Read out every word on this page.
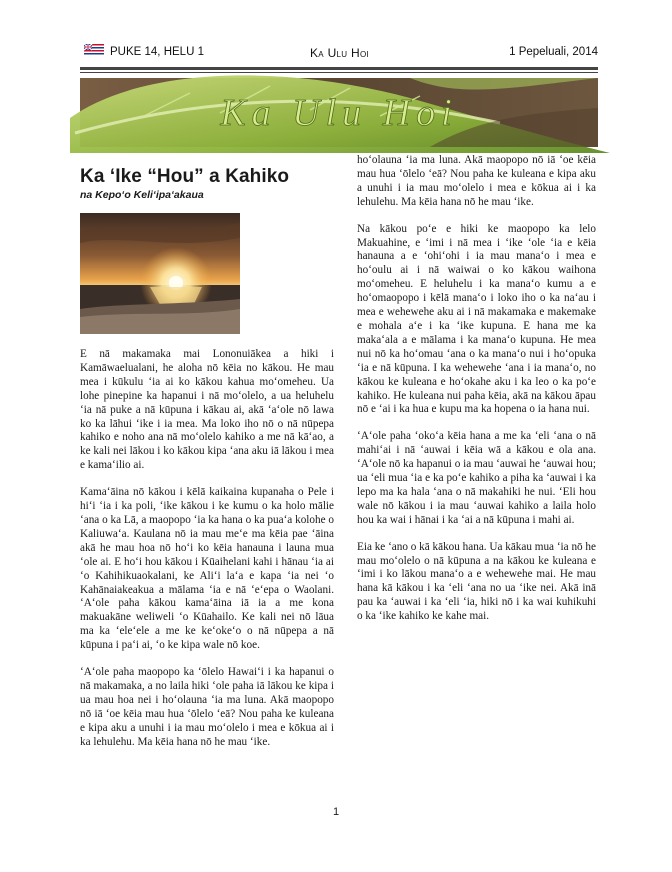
PUKE 14, HELU 1	Ka Ulu Hoi	1 Pepeluali, 2014
Ka Ulu Hoi
Ka ‘Ike “Hou” a Kahiko
na Kepo‘o Keli‘ipa‘akaua

E nā makamaka mai Lononuiākea a hiki i Kamāwaelualani, he aloha nō kēia no kākou. He mau mea i kūkulu ‘ia ai ko kākou kahua mo‘omeheu. Ua lohe pinepine ka hapanui i nā mo‘olelo, a ua heluhelu ‘ia nā puke a nā kūpuna i kākau ai, akā ‘a‘ole nō lawa ko ka lāhui ‘ike i ia mea. Ma loko iho nō o nā nūpepa kahiko e noho ana nā mo‘olelo kahiko a me nā kā‘ao, a ke kali nei lākou i ko kākou kipa ‘ana aku iā lākou i mea e kama‘ilio ai.

Kama‘āina nō kākou i kēlā kaikaina kupanaha o Pele i hi‘i ‘ia i ka poli, ‘ike kākou i ke kumu o ka holo mālie ‘ana o ka Lā, a maopopo ‘ia ka hana o ka pua‘a kolohe o Kaliuwa‘a. Kaulana nō ia mau me‘e ma kēia pae ‘āina akā he mau hoa nō ho‘i ko kēia hanauna i launa mua ‘ole ai. E ho‘i hou kākou i Kūaihelani kahi i hānau ‘ia ai ‘o Kahihikuaokalani, ke Ali‘i la‘a e kapa ‘ia nei ‘o Kahānaiakeakua a mālama ‘ia e nā ‘e‘epa o Waolani. ‘A‘ole paha kākou kama‘āina iā ia a me kona makuakāne weliweli ‘o Kūahailo. Ke kali nei nō lāua ma ka ‘ele‘ele a me ke ke‘oke‘o o nā nūpepa a nā kūpuna i pa‘i ai, ‘o ke kipa wale nō koe.

‘A‘ole paha maopopo ka ‘ōlelo Hawai‘i i ka hapanui o nā makamaka, a no laila hiki ‘ole paha iā lākou ke kipa i ua mau hoa nei i ho‘olauna ‘ia ma luna. Akā maopopo nō iā ‘oe kēia mau hua ‘ōlelo ‘eā? Nou paha ke kuleana e kipa aku a unuhi i ia mau mo‘olelo i mea e kōkua ai i ka lehulehu. Ma kēia hana nō he mau ‘ike.

hoʻolauna ʻia ma luna. Akā maopopo nō iā ʻoe kēia mau hua ʻōlelo ʻeā? Nou paha ke kuleana e kipa aku a unuhi i ia mau moʻolelo i mea e kōkua ai i ka lehulehu. Ma kēia hana nō he mau ʻike.

Na kākou po‘e e hiki ke maopopo ka lelo Makuahine, e ‘imi i nā mea i ‘ike ‘ole ‘ia e kēia hanauna a e ‘ohi‘ohi i ia mau mana‘o i mea e ho‘oulu ai i nā waiwai o ko kākou waihona mo‘omeheu. E heluhelu i ka mana‘o kumu a e ho‘omaopopo i kēlā mana‘o i loko iho o ka na‘au i mea e wehewehe aku ai i nā makamaka e makemake e mohala a‘e i ka ‘ike kupuna. E hana me ka maka‘ala a e mālama i ka mana‘o kupuna. He mea nui nō ka ho‘omau ‘ana o ka mana‘o nui i ho‘opuka ‘ia e nā kūpuna. I ka wehewehe ‘ana i ia mana‘o, no kākou ke kuleana e ho‘okahe aku i ka leo o ka po‘e kahiko. He kuleana nui paha kēia, akā na kākou āpau nō e ‘ai i ka hua e kupu ma ka hopena o ia hana nui.

‘A‘ole paha ‘oko‘a kēia hana a me ka ‘eli ‘ana o nā mahi‘ai i nā ‘auwai i kēia wā a kākou e ola ana. ‘A‘ole nō ka hapanui o ia mau ‘auwai he ‘auwai hou; ua ‘eli mua ‘ia e ka po‘e kahiko a piha ka ‘auwai i ka lepo ma ka hala ‘ana o nā makahiki he nui. ‘Eli hou wale nō kākou i ia mau ‘auwai kahiko a laila holo hou ka wai i hānai i ka ‘ai a nā kūpuna i mahi ai.

Eia ke ‘ano o kā kākou hana. Ua kākau mua ‘ia nō he mau mo‘olelo o nā kūpuna a na kākou ke kuleana e ‘imi i ko lākou mana‘o a e wehewehe mai. He mau hana kā kākou i ka ‘eli ‘ana no ua ‘ike nei. Akā inā pau ka ‘auwai i ka ‘eli ‘ia, hiki nō i ka wai kuhikuhi o ka ‘ike kahiko ke kahe mai.

1
